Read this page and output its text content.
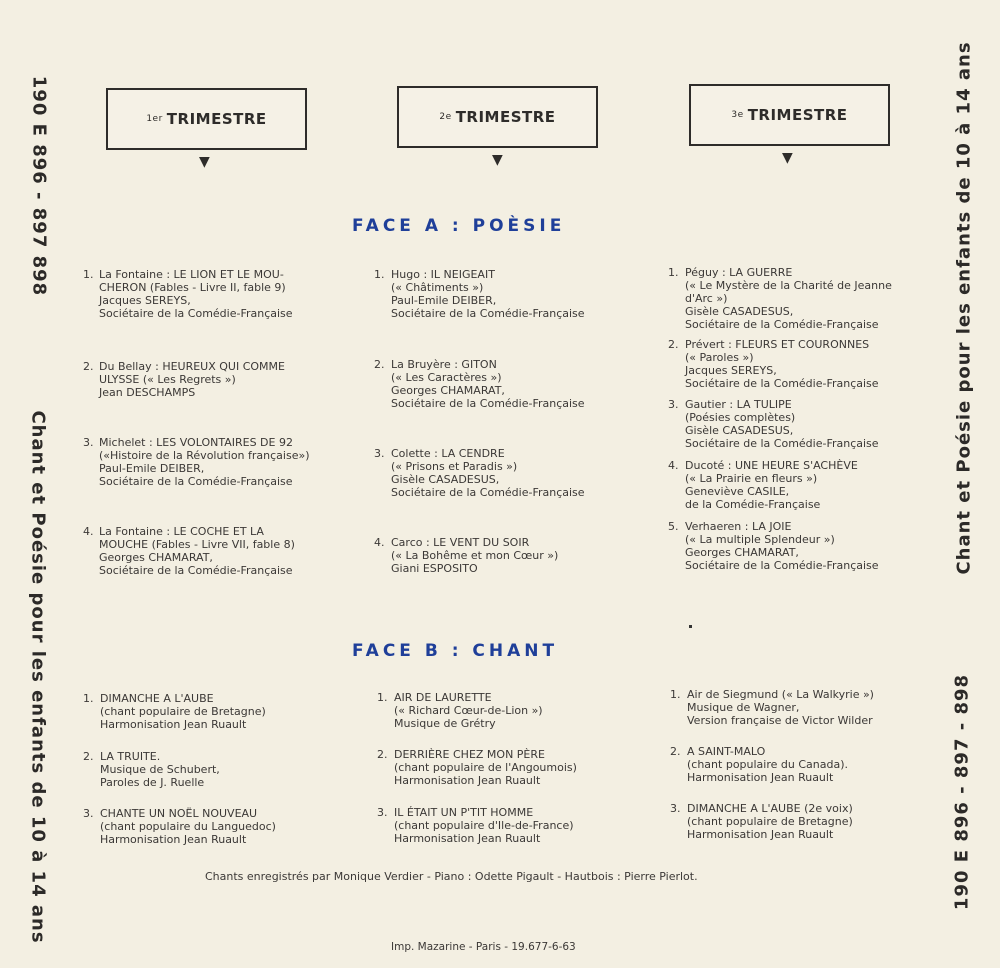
190 E 896 - 897 898
Chant et Poésie pour les enfants de 10 à 14 ans
Chant et Poésie pour les enfants de 10 à 14 ans
190 E 896 - 897 - 898
1er TRIMESTRE
▼
2e TRIMESTRE
▼
3e TRIMESTRE
▼
FACE A : POÈSIE
1. La Fontaine : LE LION ET LE MOU-
CHERON (Fables - Livre II, fable 9)
Jacques SEREYS,
Sociétaire de la Comédie-Française
2. Du Bellay : HEUREUX QUI COMME
ULYSSE (« Les Regrets »)
Jean DESCHAMPS
3. Michelet : LES VOLONTAIRES DE 92
(«Histoire de la Révolution française»)
Paul-Emile DEIBER,
Sociétaire de la Comédie-Française
4. La Fontaine : LE COCHE ET LA
MOUCHE (Fables - Livre VII, fable 8)
Georges CHAMARAT,
Sociétaire de la Comédie-Française
1. Hugo : IL NEIGEAIT
(« Châtiments »)
Paul-Emile DEIBER,
Sociétaire de la Comédie-Française
2. La Bruyère : GITON
(« Les Caractères »)
Georges CHAMARAT,
Sociétaire de la Comédie-Française
3. Colette : LA CENDRE
(« Prisons et Paradis »)
Gisèle CASADESUS,
Sociétaire de la Comédie-Française
4. Carco : LE VENT DU SOIR
(« La Bohême et mon Cœur »)
Giani ESPOSITO
1. Péguy : LA GUERRE
(« Le Mystère de la Charité de Jeanne
d'Arc »)
Gisèle CASADESUS,
Sociétaire de la Comédie-Française
2. Prévert : FLEURS ET COURONNES
(« Paroles »)
Jacques SEREYS,
Sociétaire de la Comédie-Française
3. Gautier : LA TULIPE
(Poésies complètes)
Gisèle CASADESUS,
Sociétaire de la Comédie-Française
4. Ducoté : UNE HEURE S'ACHÈVE
(« La Prairie en fleurs »)
Geneviève CASILE,
de la Comédie-Française
5. Verhaeren : LA JOIE
(« La multiple Splendeur »)
Georges CHAMARAT,
Sociétaire de la Comédie-Française
FACE B : CHANT
1. DIMANCHE A L'AUBE
(chant populaire de Bretagne)
Harmonisation Jean Ruault
2. LA TRUITE.
Musique de Schubert,
Paroles de J. Ruelle
3. CHANTE UN NOËL NOUVEAU
(chant populaire du Languedoc)
Harmonisation Jean Ruault
1. AIR DE LAURETTE
(« Richard Cœur-de-Lion »)
Musique de Grétry
2. DERRIÈRE CHEZ MON PÈRE
(chant populaire de l'Angoumois)
Harmonisation Jean Ruault
3. IL ÉTAIT UN P'TIT HOMME
(chant populaire d'Ile-de-France)
Harmonisation Jean Ruault
1. Air de Siegmund (« La Walkyrie »)
Musique de Wagner,
Version française de Victor Wilder
2. A SAINT-MALO
(chant populaire du Canada).
Harmonisation Jean Ruault
3. DIMANCHE A L'AUBE (2e voix)
(chant populaire de Bretagne)
Harmonisation Jean Ruault
Chants enregistrés par Monique Verdier - Piano : Odette Pigault - Hautbois : Pierre Pierlot.
Imp. Mazarine - Paris - 19.677-6-63
